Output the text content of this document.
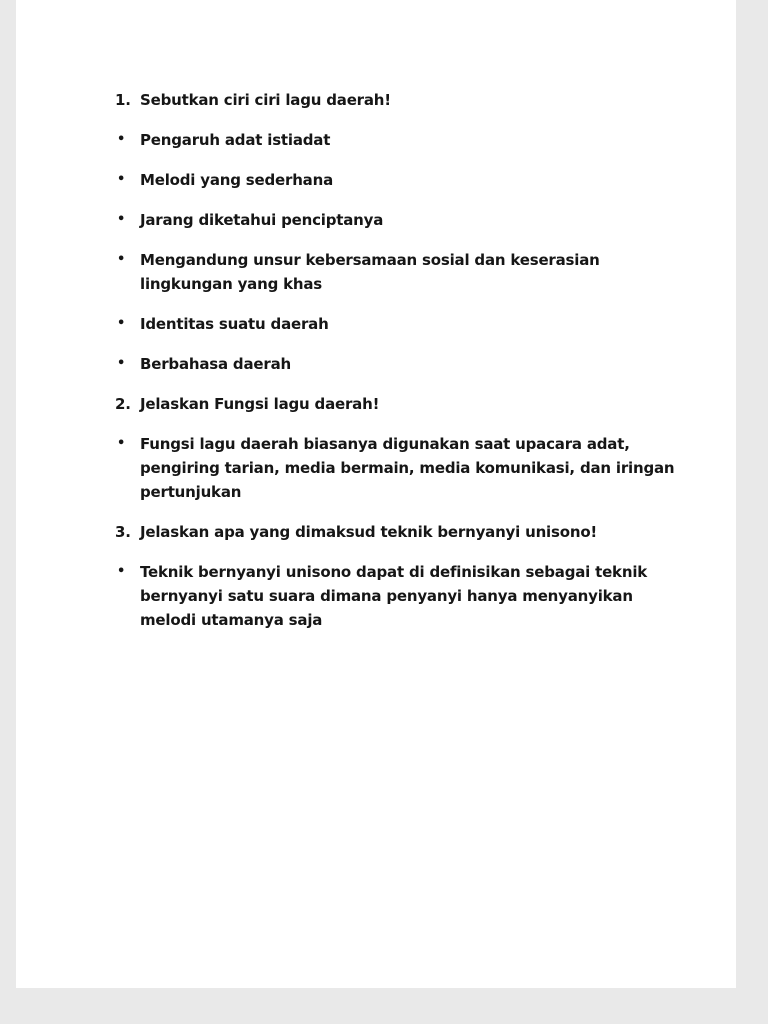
1. Sebutkan ciri ciri lagu daerah!
• Pengaruh adat istiadat
• Melodi yang sederhana
• Jarang diketahui penciptanya
• Mengandung unsur kebersamaan sosial dan keserasian lingkungan yang khas
• Identitas suatu daerah
• Berbahasa daerah
2. Jelaskan Fungsi lagu daerah!
• Fungsi lagu daerah biasanya digunakan saat upacara adat, pengiring tarian, media bermain, media komunikasi, dan iringan pertunjukan
3. Jelaskan apa yang dimaksud teknik bernyanyi unisono!
• Teknik bernyanyi unisono dapat di definisikan sebagai teknik bernyanyi satu suara dimana penyanyi hanya menyanyikan melodi utamanya saja
